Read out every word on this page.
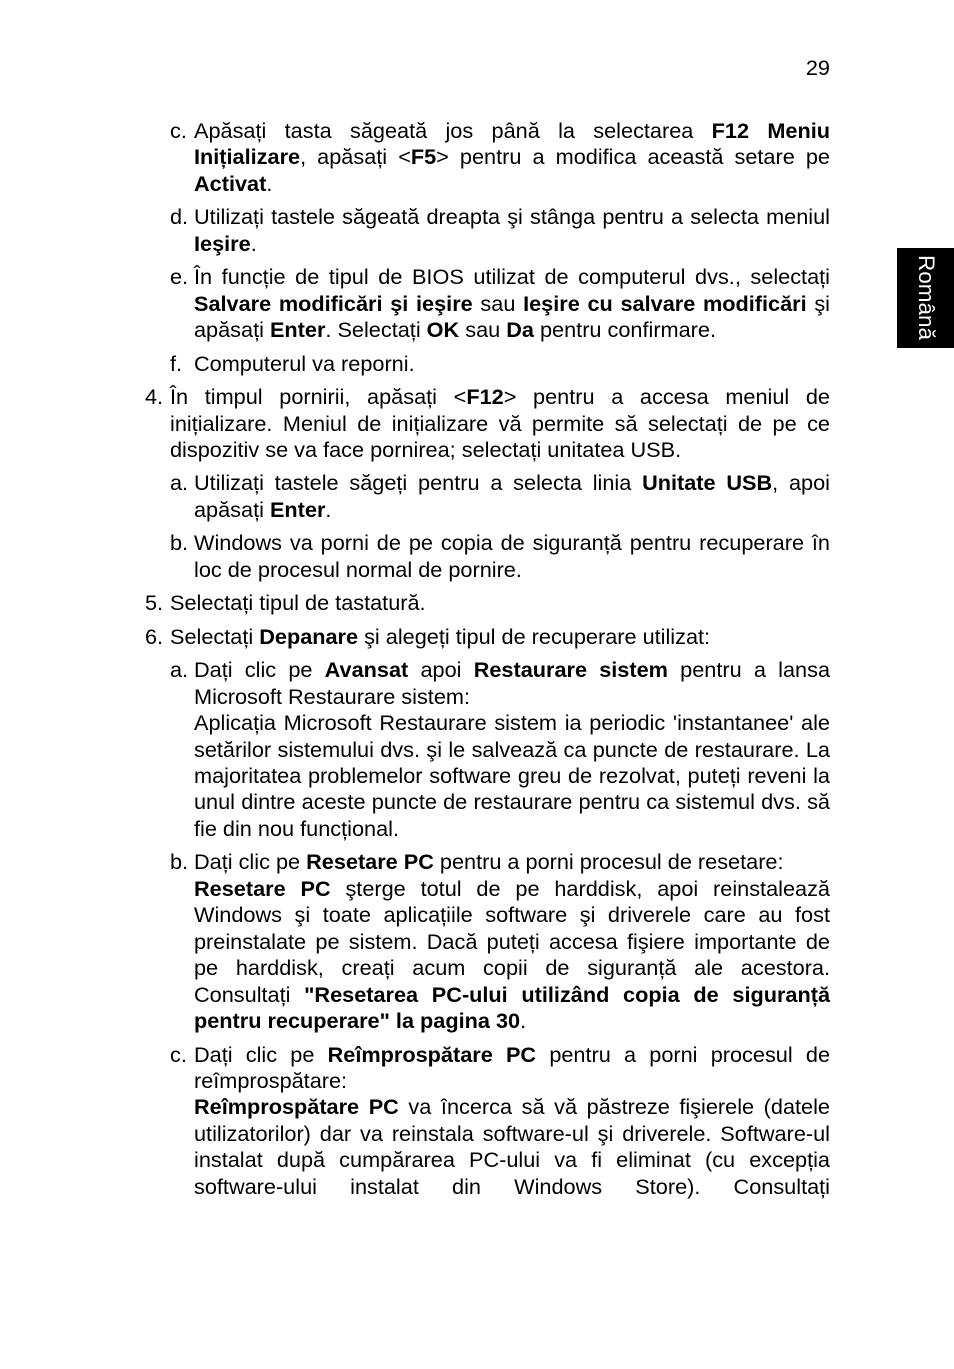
29
Română
c. Apăsați tasta săgeată jos până la selectarea F12 Meniu Inițializare, apăsați <F5> pentru a modifica această setare pe Activat.
d. Utilizați tastele săgeată dreapta şi stânga pentru a selecta meniul Ieşire.
e. În funcție de tipul de BIOS utilizat de computerul dvs., selectați Salvare modificări şi ieşire sau Ieşire cu salvare modificări şi apăsați Enter. Selectați OK sau Da pentru confirmare.
f. Computerul va reporni.
4. În timpul pornirii, apăsați <F12> pentru a accesa meniul de inițializare. Meniul de inițializare vă permite să selectați de pe ce dispozitiv se va face pornirea; selectați unitatea USB.
a. Utilizați tastele săgeți pentru a selecta linia Unitate USB, apoi apăsați Enter.
b. Windows va porni de pe copia de siguranță pentru recuperare în loc de procesul normal de pornire.
5. Selectați tipul de tastatură.
6. Selectați Depanare şi alegeți tipul de recuperare utilizat:
a. Dați clic pe Avansat apoi Restaurare sistem pentru a lansa Microsoft Restaurare sistem:
Aplicația Microsoft Restaurare sistem ia periodic 'instantanee' ale setărilor sistemului dvs. şi le salvează ca puncte de restaurare. La majoritatea problemelor software greu de rezolvat, puteți reveni la unul dintre aceste puncte de restaurare pentru ca sistemul dvs. să fie din nou funcțional.
b. Dați clic pe Resetare PC pentru a porni procesul de resetare:
Resetare PC şterge totul de pe harddisk, apoi reinstalează Windows şi toate aplicațiile software şi driverele care au fost preinstalate pe sistem. Dacă puteți accesa fişiere importante de pe harddisk, creați acum copii de siguranță ale acestora. Consultați "Resetarea PC-ului utilizând copia de siguranță pentru recuperare" la pagina 30.
c. Dați clic pe Reîmprospătare PC pentru a porni procesul de reîmprospătare:
Reîmprospătare PC va încerca să vă păstreze fişierele (datele utilizatorilor) dar va reinstala software-ul şi driverele. Software-ul instalat după cumpărarea PC-ului va fi eliminat (cu excepția software-ului instalat din Windows Store). Consultați
